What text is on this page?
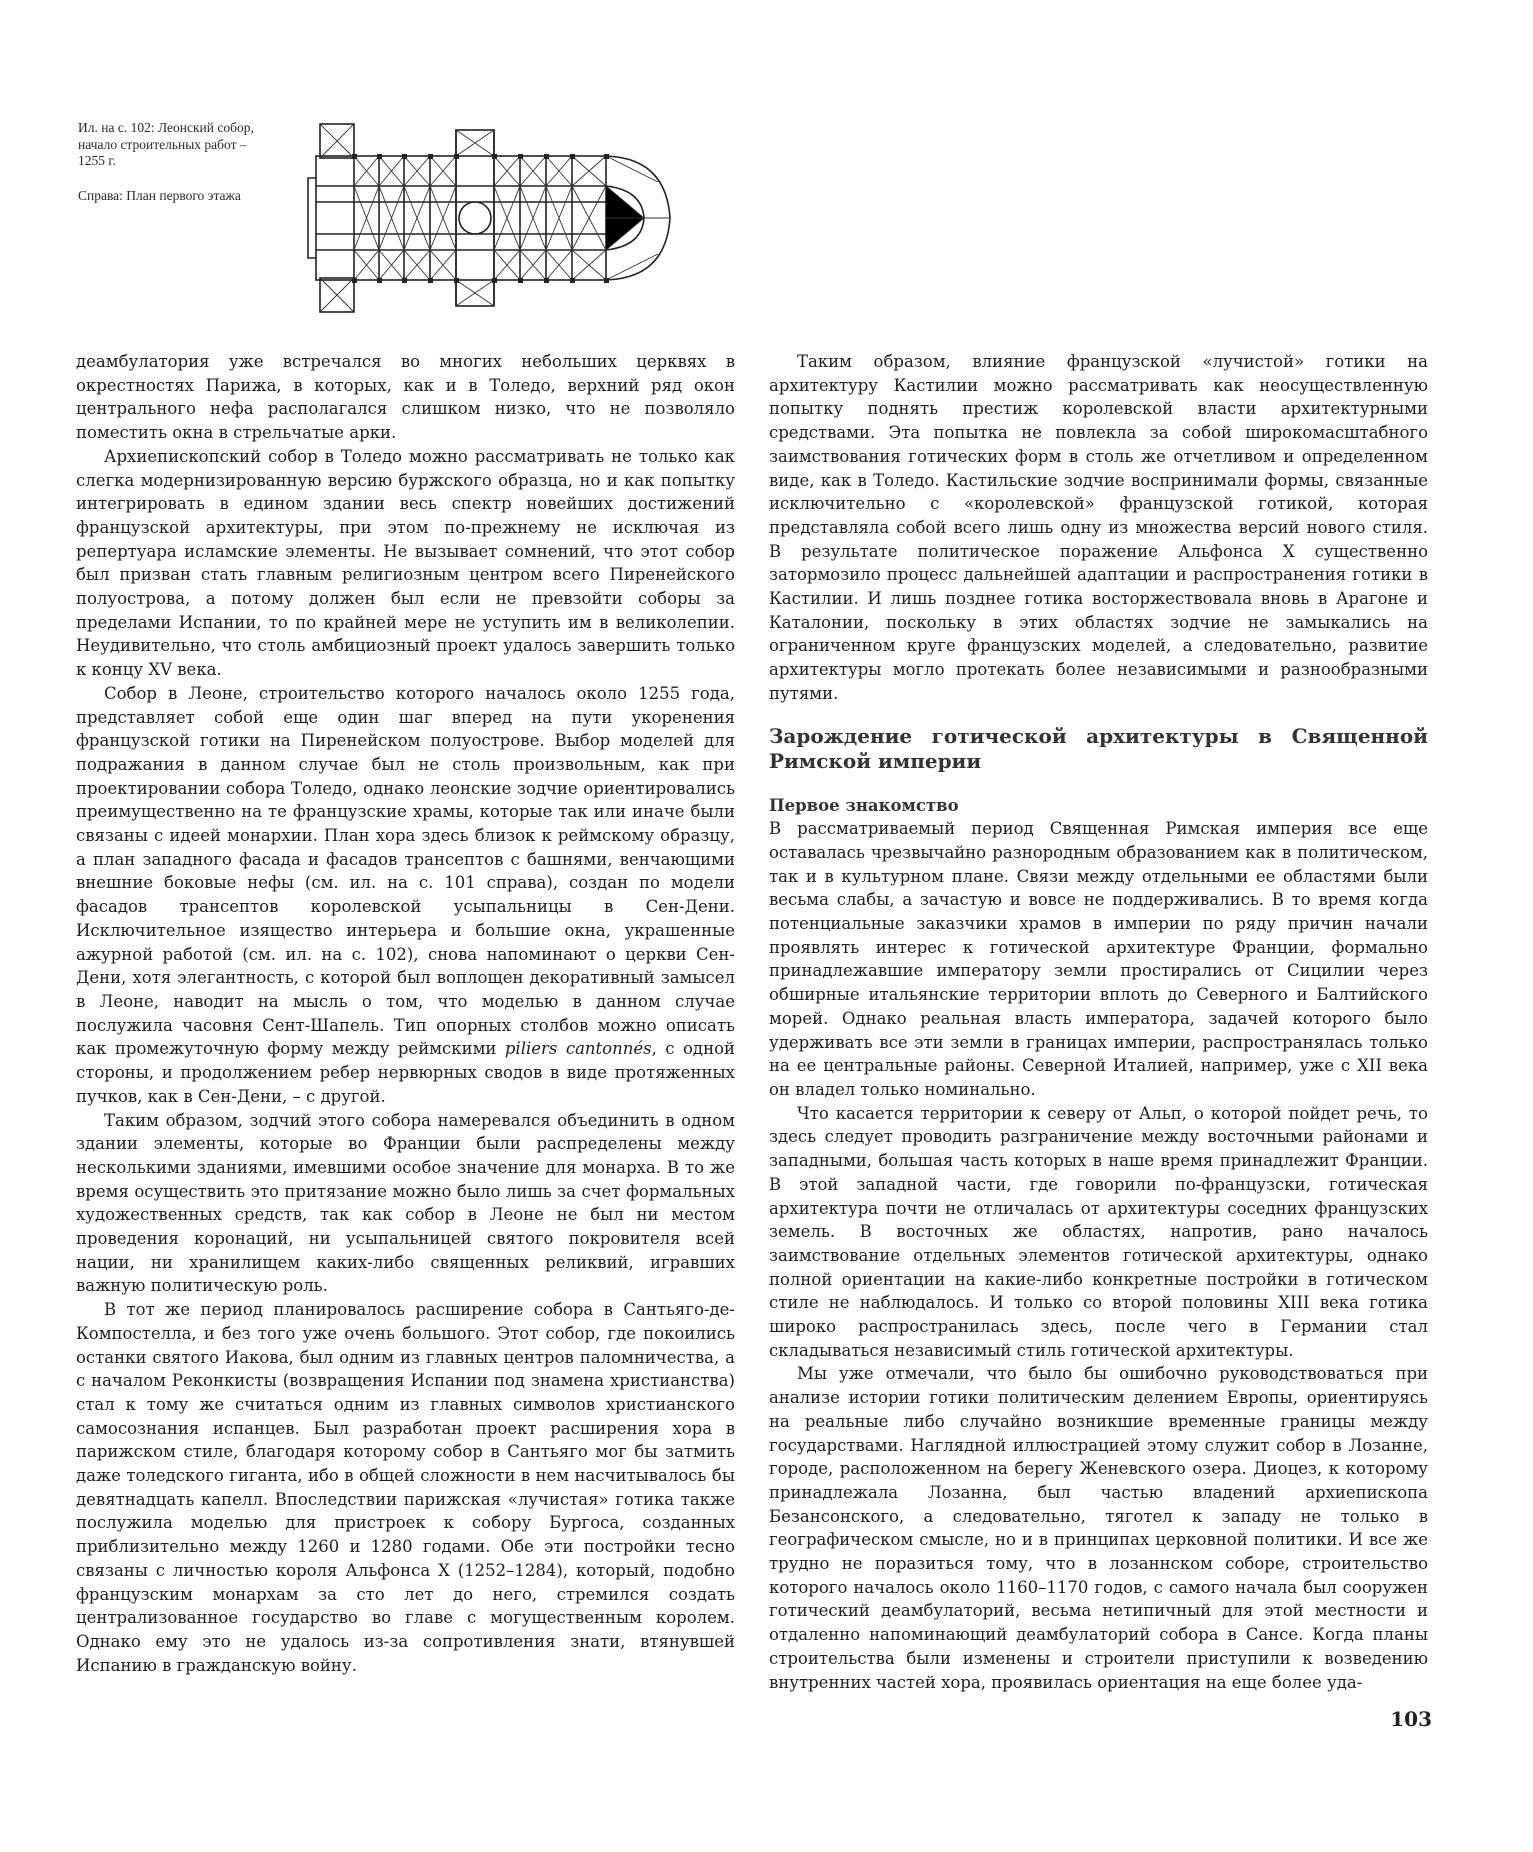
Ил. на с. 102: Леонский собор, начало строительных работ – 1255 г.

Справа: План первого этажа

деамбулатория уже встречался во многих небольших церквях в окрестностях Парижа, в которых, как и в Толедо, верхний ряд окон центрального нефа располагался слишком низко, что не позволяло поместить окна в стрельчатые арки.

Архиепископский собор в Толедо можно рассматривать не только как слегка модернизированную версию буржского образца, но и как попытку интегрировать в едином здании весь спектр новейших достижений французской архитектуры, при этом по-прежнему не исключая из репертуара исламские элементы. Не вызывает сомнений, что этот собор был призван стать главным религиозным центром всего Пиренейского полуострова, а потому должен был если не превзойти соборы за пределами Испании, то по крайней мере не уступить им в великолепии. Неудивительно, что столь амбициозный проект удалось завершить только к концу XV века.

Собор в Леоне, строительство которого началось около 1255 года, представляет собой еще один шаг вперед на пути укоренения французской готики на Пиренейском полуострове. Выбор моделей для подражания в данном случае был не столь произвольным, как при проектировании собора Толедо, однако леонские зодчие ориентировались преимущественно на те французские храмы, которые так или иначе были связаны с идеей монархии. План хора здесь близок к реймскому образцу, а план западного фасада и фасадов трансептов с башнями, венчающими внешние боковые нефы (см. ил. на с. 101 справа), создан по модели фасадов трансептов королевской усыпальницы в Сен-Дени. Исключительное изящество интерьера и большие окна, украшенные ажурной работой (см. ил. на с. 102), снова напоминают о церкви Сен-Дени, хотя элегантность, с которой был воплощен декоративный замысел в Леоне, наводит на мысль о том, что моделью в данном случае послужила часовня Сент-Шапель. Тип опорных столбов можно описать как промежуточную форму между реймскими piliers cantonnés, с одной стороны, и продолжением ребер нервюрных сводов в виде протяженных пучков, как в Сен-Дени, – с другой.

Таким образом, зодчий этого собора намеревался объединить в одном здании элементы, которые во Франции были распределены между несколькими зданиями, имевшими особое значение для монарха. В то же время осуществить это притязание можно было лишь за счет формальных художественных средств, так как собор в Леоне не был ни местом проведения коронаций, ни усыпальницей святого покровителя всей нации, ни хранилищем каких-либо священных реликвий, игравших важную политическую роль.

В тот же период планировалось расширение собора в Сантьяго-де-Компостелла, и без того уже очень большого. Этот собор, где покоились останки святого Иакова, был одним из главных центров паломничества, а с началом Реконкисты (возвращения Испании под знамена христианства) стал к тому же считаться одним из главных символов христианского самосознания испанцев. Был разработан проект расширения хора в парижском стиле, благодаря которому собор в Сантьяго мог бы затмить даже толедского гиганта, ибо в общей сложности в нем насчитывалось бы девятнадцать капелл. Впоследствии парижская «лучистая» готика также послужила моделью для пристроек к собору Бургоса, созданных приблизительно между 1260 и 1280 годами. Обе эти постройки тесно связаны с личностью короля Альфонса X (1252–1284), который, подобно французским монархам за сто лет до него, стремился создать централизованное государство во главе с могущественным королем. Однако ему это не удалось из-за сопротивления знати, втянувшей Испанию в гражданскую войну.

Таким образом, влияние французской «лучистой» готики на архитектуру Кастилии можно рассматривать как неосуществленную попытку поднять престиж королевской власти архитектурными средствами. Эта попытка не повлекла за собой широкомасштабного заимствования готических форм в столь же отчетливом и определенном виде, как в Толедо. Кастильские зодчие воспринимали формы, связанные исключительно с «королевской» французской готикой, которая представляла собой всего лишь одну из множества версий нового стиля. В результате политическое поражение Альфонса X существенно затормозило процесс дальнейшей адаптации и распространения готики в Кастилии. И лишь позднее готика восторжествовала вновь в Арагоне и Каталонии, поскольку в этих областях зодчие не замыкались на ограниченном круге французских моделей, а следовательно, развитие архитектуры могло протекать более независимыми и разнообразными путями.

Зарождение готической архитектуры в Священной Римской империи
Первое знакомство

В рассматриваемый период Священная Римская империя все еще оставалась чрезвычайно разнородным образованием как в политическом, так и в культурном плане. Связи между отдельными ее областями были весьма слабы, а зачастую и вовсе не поддерживались. В то время когда потенциальные заказчики храмов в империи по ряду причин начали проявлять интерес к готической архитектуре Франции, формально принадлежавшие императору земли простирались от Сицилии через обширные итальянские территории вплоть до Северного и Балтийского морей. Однако реальная власть императора, задачей которого было удерживать все эти земли в границах империи, распространялась только на ее центральные районы. Северной Италией, например, уже с XII века он владел только номинально.

Что касается территории к северу от Альп, о которой пойдет речь, то здесь следует проводить разграничение между восточными районами и западными, большая часть которых в наше время принадлежит Франции. В этой западной части, где говорили по-французски, готическая архитектура почти не отличалась от архитектуры соседних французских земель. В восточных же областях, напротив, рано началось заимствование отдельных элементов готической архитектуры, однако полной ориентации на какие-либо конкретные постройки в готическом стиле не наблюдалось. И только со второй половины XIII века готика широко распространилась здесь, после чего в Германии стал складываться независимый стиль готической архитектуры.

Мы уже отмечали, что было бы ошибочно руководствоваться при анализе истории готики политическим делением Европы, ориентируясь на реальные либо случайно возникшие временные границы между государствами. Наглядной иллюстрацией этому служит собор в Лозанне, городе, расположенном на берегу Женевского озера. Диоцез, к которому принадлежала Лозанна, был частью владений архиепископа Безансонского, а следовательно, тяготел к западу не только в географическом смысле, но и в принципах церковной политики. И все же трудно не поразиться тому, что в лозаннском соборе, строительство которого началось около 1160–1170 годов, с самого начала был сооружен готический деамбулаторий, весьма нетипичный для этой местности и отдаленно напоминающий деамбулаторий собора в Сансе. Когда планы строительства были изменены и строители приступили к возведению внутренних частей хора, проявилась ориентация на еще более уда-

103
